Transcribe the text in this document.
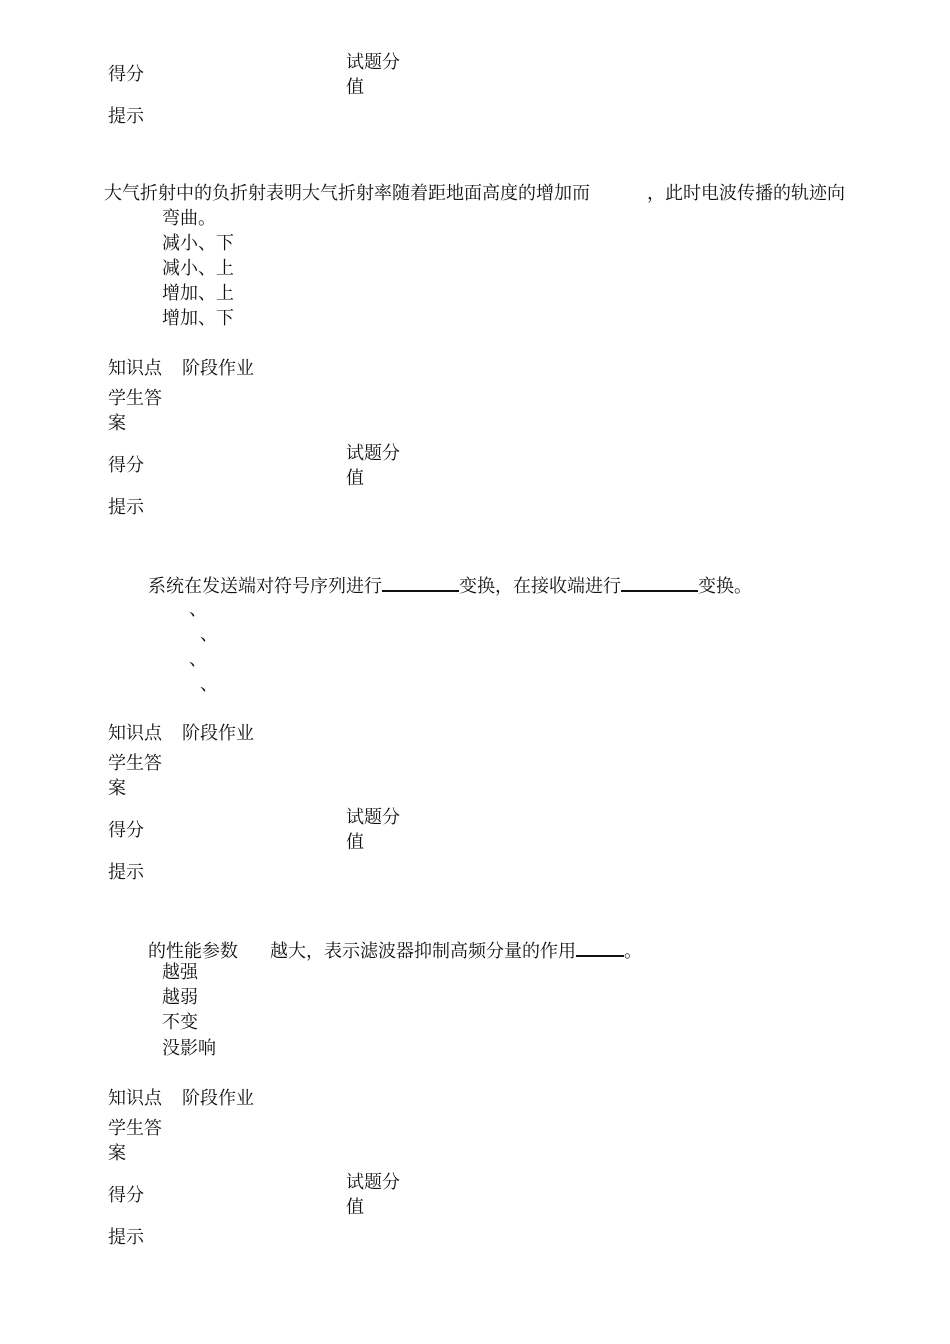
得分
试题分
值
提示
大气折射中的负折射表明大气折射率随着距地面高度的增加而	，此时电波传播的轨迹向
弯曲。
减小、下
减小、上
增加、上
增加、下
知识点 阶段作业
学生答
案
得分
试题分
值
提示
系统在发送端对符号序列进行	变换，在接收端进行	变换。
、
、
、
、
知识点 阶段作业
学生答
案
得分
试题分
值
提示
的性能参数 越大，表示滤波器抑制高频分量的作用	。
越强
越弱
不变
没影响
知识点 阶段作业
学生答
案
得分
试题分
值
提示
